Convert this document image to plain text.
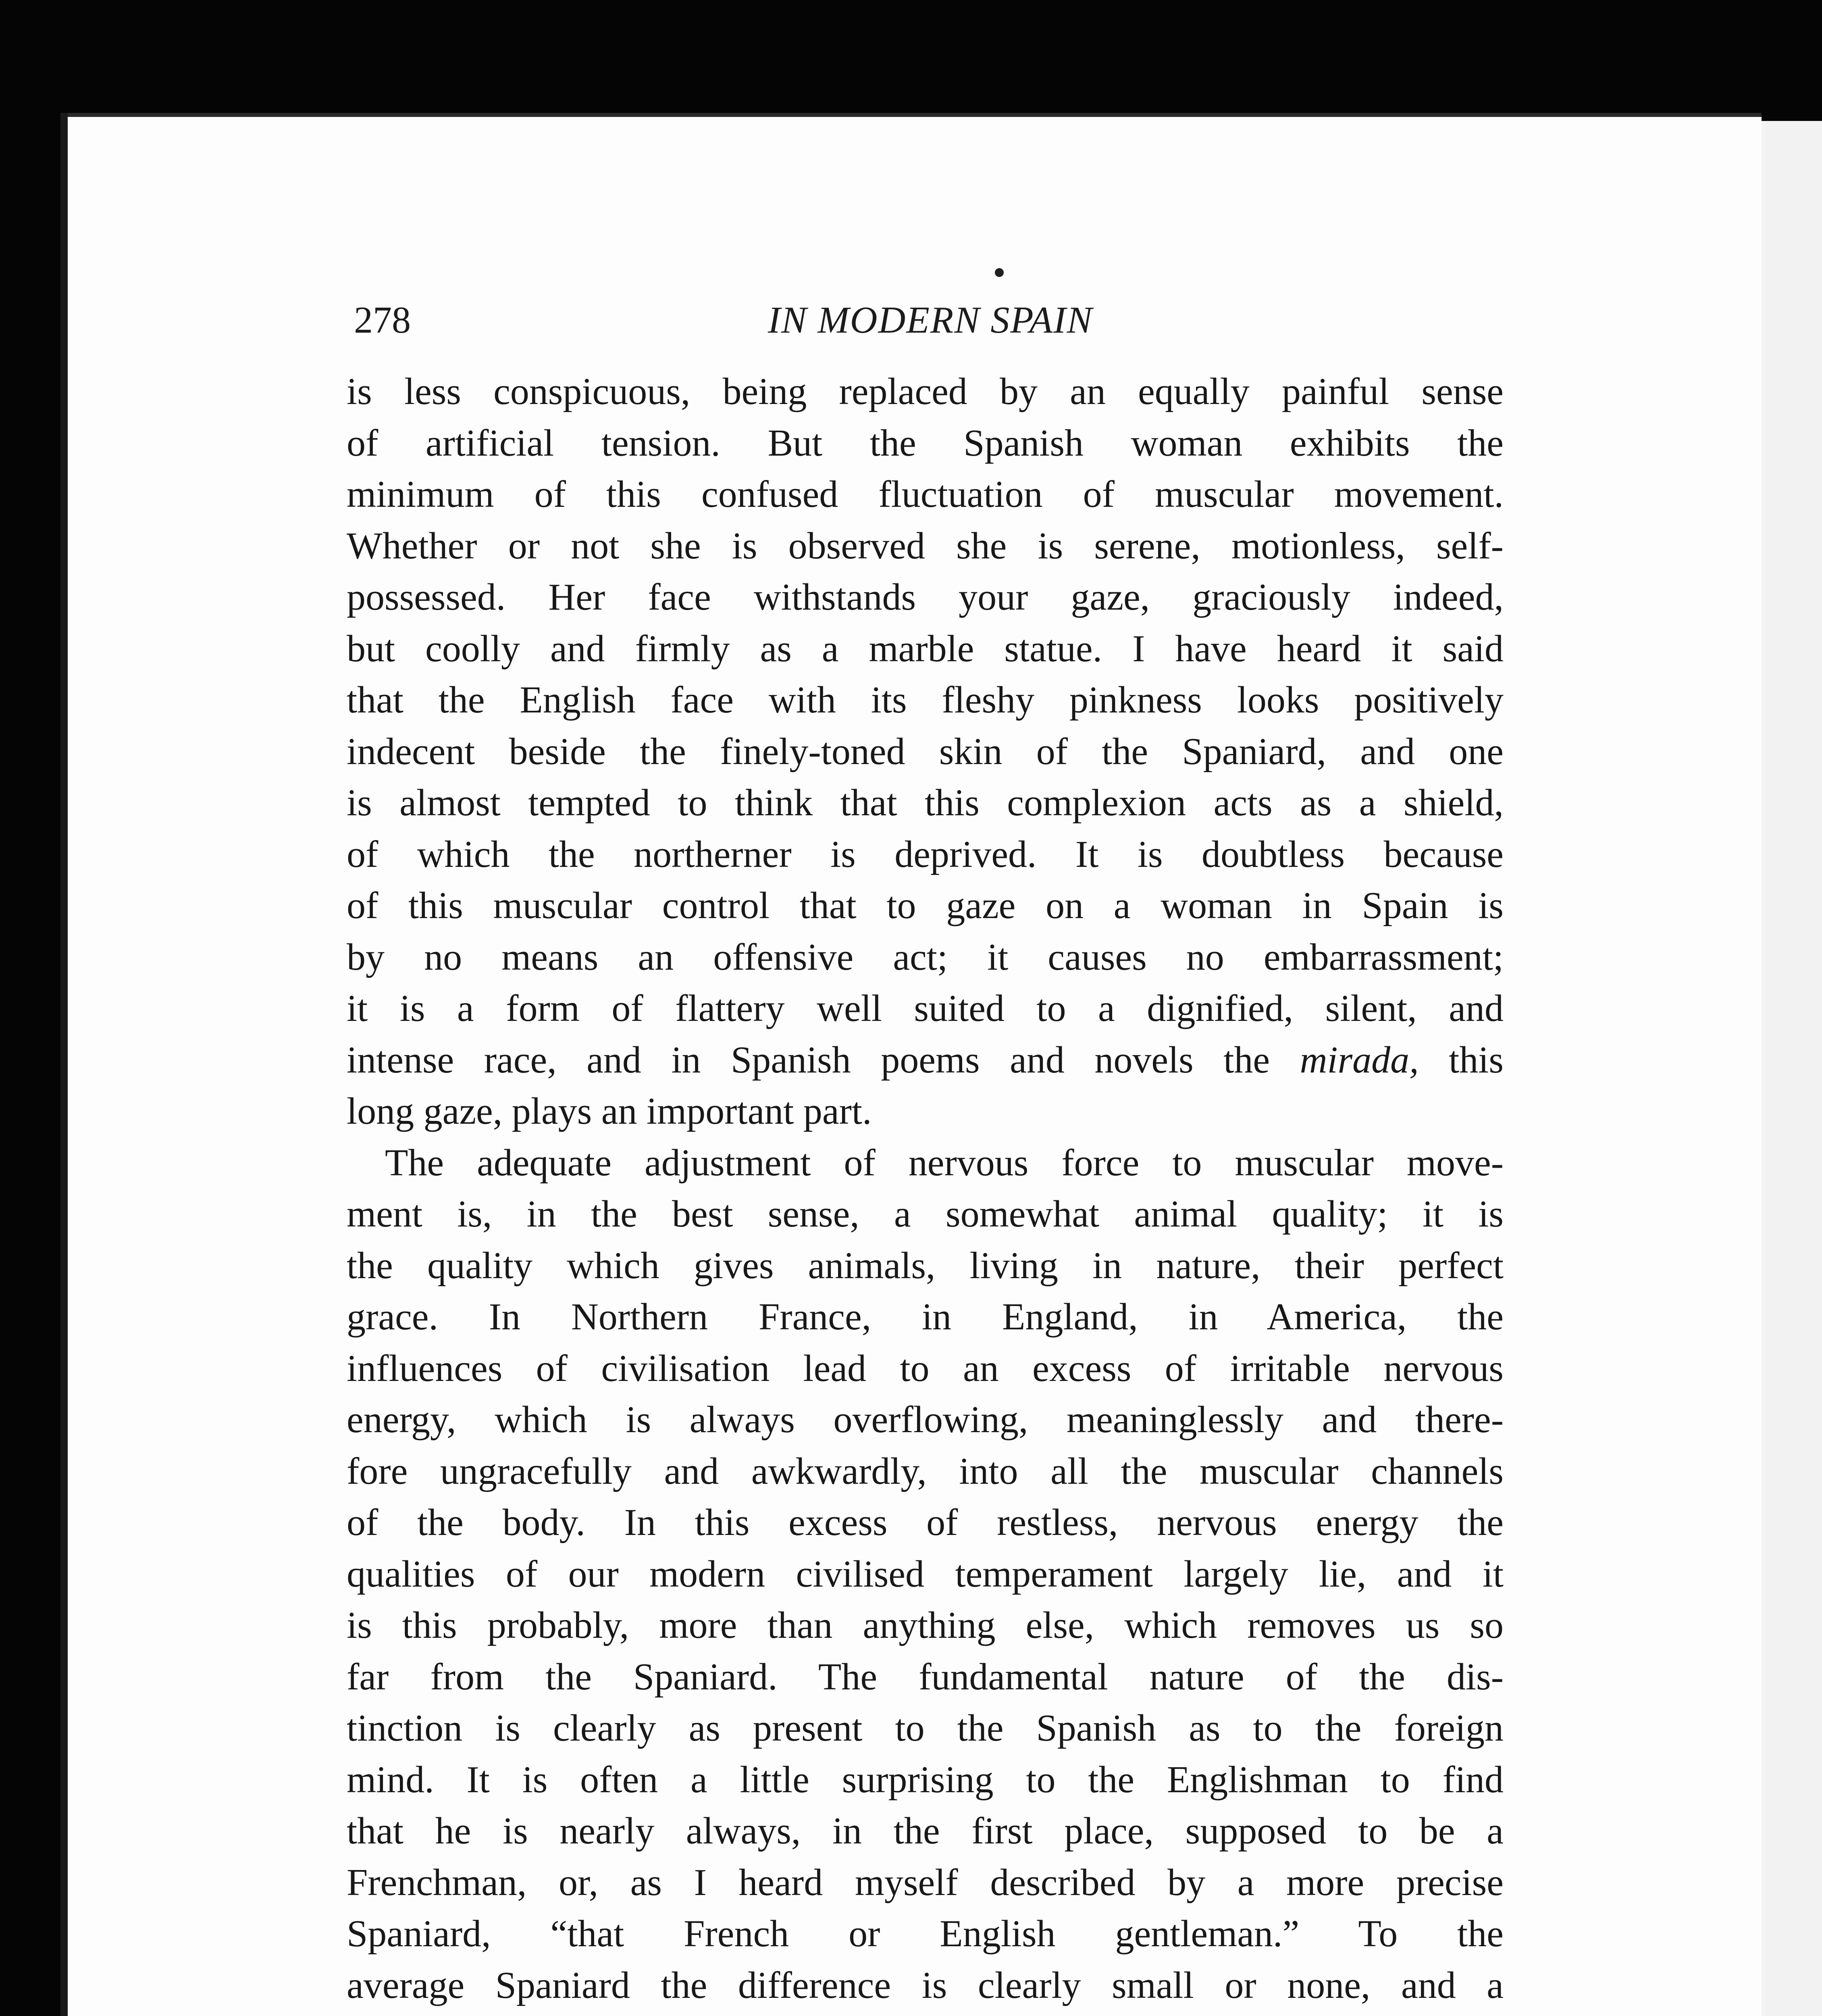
278	IN MODERN SPAIN
is less conspicuous, being replaced by an equally painful sense
of artificial tension. But the Spanish woman exhibits the
minimum of this confused fluctuation of muscular movement.
Whether or not she is observed she is serene, motionless, self-
possessed. Her face withstands your gaze, graciously indeed,
but coolly and firmly as a marble statue. I have heard it said
that the English face with its fleshy pinkness looks positively
indecent beside the finely-toned skin of the Spaniard, and one
is almost tempted to think that this complexion acts as a shield,
of which the northerner is deprived. It is doubtless because
of this muscular control that to gaze on a woman in Spain is
by no means an offensive act; it causes no embarrassment;
it is a form of flattery well suited to a dignified, silent, and
intense race, and in Spanish poems and novels the mirada, this
long gaze, plays an important part.
The adequate adjustment of nervous force to muscular move-
ment is, in the best sense, a somewhat animal quality; it is
the quality which gives animals, living in nature, their perfect
grace. In Northern France, in England, in America, the
influences of civilisation lead to an excess of irritable nervous
energy, which is always overflowing, meaninglessly and there-
fore ungracefully and awkwardly, into all the muscular channels
of the body. In this excess of restless, nervous energy the
qualities of our modern civilised temperament largely lie, and it
is this probably, more than anything else, which removes us so
far from the Spaniard. The fundamental nature of the dis-
tinction is clearly as present to the Spanish as to the foreign
mind. It is often a little surprising to the Englishman to find
that he is nearly always, in the first place, supposed to be a
Frenchman, or, as I heard myself described by a more precise
Spaniard, “that French or English gentleman.” To the
average Spaniard the difference is clearly small or none, and a
